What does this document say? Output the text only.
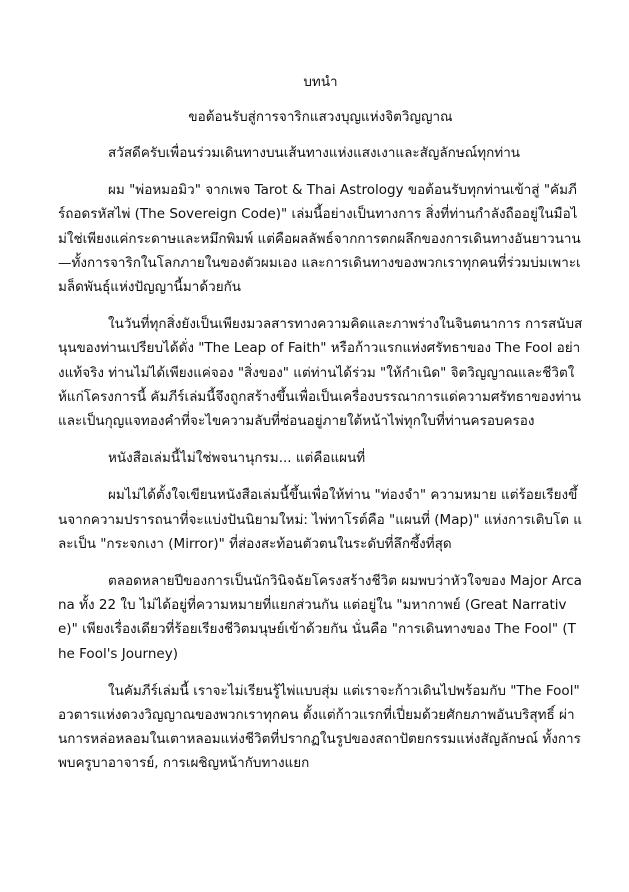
บทนำ
ขอต้อนรับสู่การจาริกแสวงบุญแห่งจิตวิญญาณ

สวัสดีครับเพื่อนร่วมเดินทางบนเส้นทางแห่งแสงเงาและสัญลักษณ์ทุกท่าน

ผม "พ่อหมอมิว" จากเพจ Tarot & Thai Astrology ขอต้อนรับทุกท่านเข้าสู่ "คัมภีร์ถอดรหัสไพ่ (The Sovereign Code)" เล่มนี้อย่างเป็นทางการ สิ่งที่ท่านกำลังถืออยู่ในมือไม่ใช่เพียงแค่กระดาษและหมึกพิมพ์ แต่คือผลลัพธ์จากการตกผลึกของการเดินทางอันยาวนาน—ทั้งการจาริกในโลกภายในของตัวผมเอง และการเดินทางของพวกเราทุกคนที่ร่วมบ่มเพาะเมล็ดพันธุ์แห่งปัญญานี้มาด้วยกัน

ในวันที่ทุกสิ่งยังเป็นเพียงมวลสารทางความคิดและภาพร่างในจินตนาการ การสนับสนุนของท่านเปรียบได้ดั่ง "The Leap of Faith" หรือก้าวแรกแห่งศรัทธาของ The Fool อย่างแท้จริง ท่านไม่ได้เพียงแค่จอง "สิ่งของ" แต่ท่านได้ร่วม "ให้กำเนิด" จิตวิญญาณและชีวิตให้แก่โครงการนี้ คัมภีร์เล่มนี้จึงถูกสร้างขึ้นเพื่อเป็นเครื่องบรรณาการแด่ความศรัทธาของท่าน และเป็นกุญแจทองคำที่จะไขความลับที่ซ่อนอยู่ภายใต้หน้าไพ่ทุกใบที่ท่านครอบครอง

หนังสือเล่มนี้ไม่ใช่พจนานุกรม... แต่คือแผนที่

ผมไม่ได้ตั้งใจเขียนหนังสือเล่มนี้ขึ้นเพื่อให้ท่าน "ท่องจำ" ความหมาย แต่ร้อยเรียงขึ้นจากความปรารถนาที่จะแบ่งปันนิยามใหม่: ไพ่ทาโรต์คือ "แผนที่ (Map)" แห่งการเติบโต และเป็น "กระจกเงา (Mirror)" ที่ส่องสะท้อนตัวตนในระดับที่ลึกซึ้งที่สุด

ตลอดหลายปีของการเป็นนักวินิจฉัยโครงสร้างชีวิต ผมพบว่าหัวใจของ Major Arcana ทั้ง 22 ใบ ไม่ได้อยู่ที่ความหมายที่แยกส่วนกัน แต่อยู่ใน "มหากาพย์ (Great Narrative)" เพียงเรื่องเดียวที่ร้อยเรียงชีวิตมนุษย์เข้าด้วยกัน นั่นคือ "การเดินทางของ The Fool" (The Fool's Journey)

ในคัมภีร์เล่มนี้ เราจะไม่เรียนรู้ไพ่แบบสุ่ม แต่เราจะก้าวเดินไปพร้อมกับ "The Fool" อวตารแห่งดวงวิญญาณของพวกเราทุกคน ตั้งแต่ก้าวแรกที่เปี่ยมด้วยศักยภาพอันบริสุทธิ์ ผ่านการหล่อหลอมในเตาหลอมแห่งชีวิตที่ปรากฏในรูปของสถาปัตยกรรมแห่งสัญลักษณ์ ทั้งการพบครูบาอาจารย์, การเผชิญหน้ากับทางแยก
